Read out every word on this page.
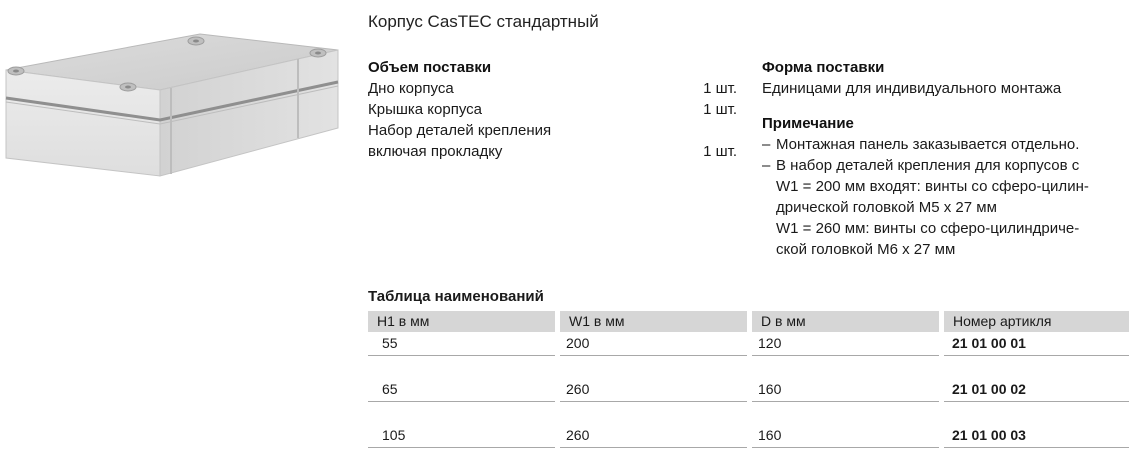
Корпус CasTEC стандартный
Объем поставки
Дно корпуса	1 шт.
Крышка корпуса	1 шт.
Набор деталей крепления
включая прокладку	1 шт.
Форма поставки
Единицами для индивидуального монтажа
Примечание
– Монтажная панель заказывается отдельно.
– В набор деталей крепления для корпусов с
W1 = 200 мм входят: винты со сферо-цилин-
дрической головкой M5 x 27 мм
W1 = 260 мм: винты со сферо-цилиндриче-
ской головкой M6 x 27 мм
Таблица наименований
H1 в мм	W1 в мм	D в мм	Номер артикля
55	200	120	21 01 00 01
65	260	160	21 01 00 02
105	260	160	21 01 00 03
